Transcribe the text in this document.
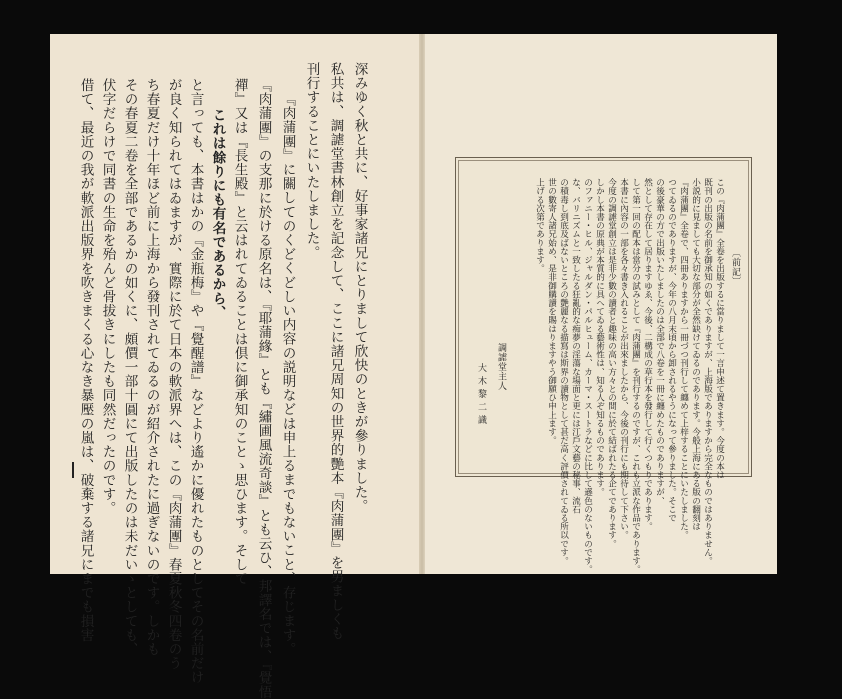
深みゆく秋と共に、好事家諸兄にとりまして欣快のときが參りました。
私共は、調謔堂書林創立を記念して、ここに諸兄周知の世界的艷本『肉蒲團』を男ましくも
刊行することにいたしました。
『肉蒲團』に關してのくどくどしい内容の説明などは申上るまでもないこと、存じます。
『肉蒲團』の支那に於ける原名は、『耶蒲緣』とも『繡圃風流奇談』とも云ひ、邦譯名では、『覺悟
禪』又は『長生殿』と云はれてゐることは倶に御承知のことゝ思ひます。そして
これは餘りにも有名であるから、
と言っても、本書はかの『金瓶梅』や『覺醒譜』などより遙かに優れたものとしてその名前だけ
が良く知られてはゐますが、實際に於て日本の軟派界へは、この『肉蒲團』春夏秋冬四卷のう
ち春夏だけ十年ほど前に上海から發刊されてゐるのが紹介されたに過ぎないのです。しかも
その春夏二卷を全部であるかの如くに、頗價一部十圓にて出版したのは未だいゝとしても、
伏字だらけで同書の生命を殆んど骨拔きにしたも同然だったのです。
借て、最近の我が軟派出版界を吹きまくる心なき暴壓の嵐は、破棄する諸兄にまでも損害	〔前記〕
この『肉蒲團』全卷を出版するに當りまして一言申述て置きます。今度の本は
既刊の出版の名前を御承知の如くでありますが、上海版でありますから完全なものではありません。
小説的に見ましても大切な部分が全然缺けてゐるのであります。今般上海にある版の翻刻は
『肉蒲團』全卷で、四冊ありますから一冊づつ刊行して纏めて上梓することにいたしました。
つてゐるのでありますが、今年の八月末頃から卸されるやうになって參りました。そこで
の後豪華の方で出版いたしましたのは全部で八卷を一冊に纏めたものでありますが、
然として存在して居りますゆゑ、今後、二構成の草行本を發行して行くつもりであります。
して第一回の配本は當分の試みとして『肉蒲團』を刊行するのですが、これも立派な作品であります。
本書に內容の一部を各々書き入れることが出來ましたから、今後の刊行にも期待して下さい。
今度の調謔堂創立は是非少數の讀者と趣味の高い方々との間に於て結ばれたる企てであります。
しかし本書の原典が本質的に具へてゐる藝術性は、知る人ぞ知るものであります。
のファニー・ヒル、ジャルダン・パルヒューム、カーマ・スートラなどに比して遜色のないものです。
な、バリニズムと一致したる狂亂的な痴夢の淫蕩な場面と更には江戶文藝の秘事、流石
の積毒し到底及ばないところの艶麗なる描寫は斯界の讀物として甚だ高く評價されてゐる所以です。
世の數寄人諸兄始め、是非御購讀を賜はりますやう御願ひ申上ます。
上げる次第であります。
調謔堂主人
大木黎二識
